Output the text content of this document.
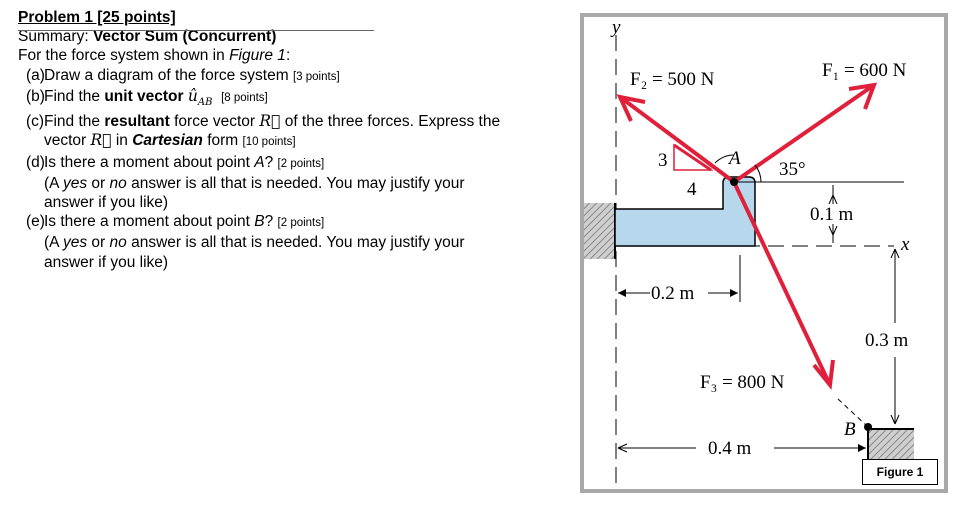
Problem 1 [25 points]
Summary: Vector Sum (Concurrent)
For the force system shown in Figure 1:
(a) Draw a diagram of the force system [3 points]
(b) Find the unit vector $û_{AB}$ [8 points]
(c) Find the resultant force vector R⃗ of the three forces. Express the
vector R⃗ in Cartesian form [10 points]
(d) Is there a moment about point A? [2 points]
(A yes or no answer is all that is needed. You may justify your
answer if you like)
(e) Is there a moment about point B? [2 points]
(A yes or no answer is all that is needed. You may justify your
answer if you like)
y
x
3
4
A
35°
F₂ = 500 N	F₁ = 600 N
F₃ = 800 N
0.1 m
0.2 m
0.3 m
B
0.4 m
Figure 1
